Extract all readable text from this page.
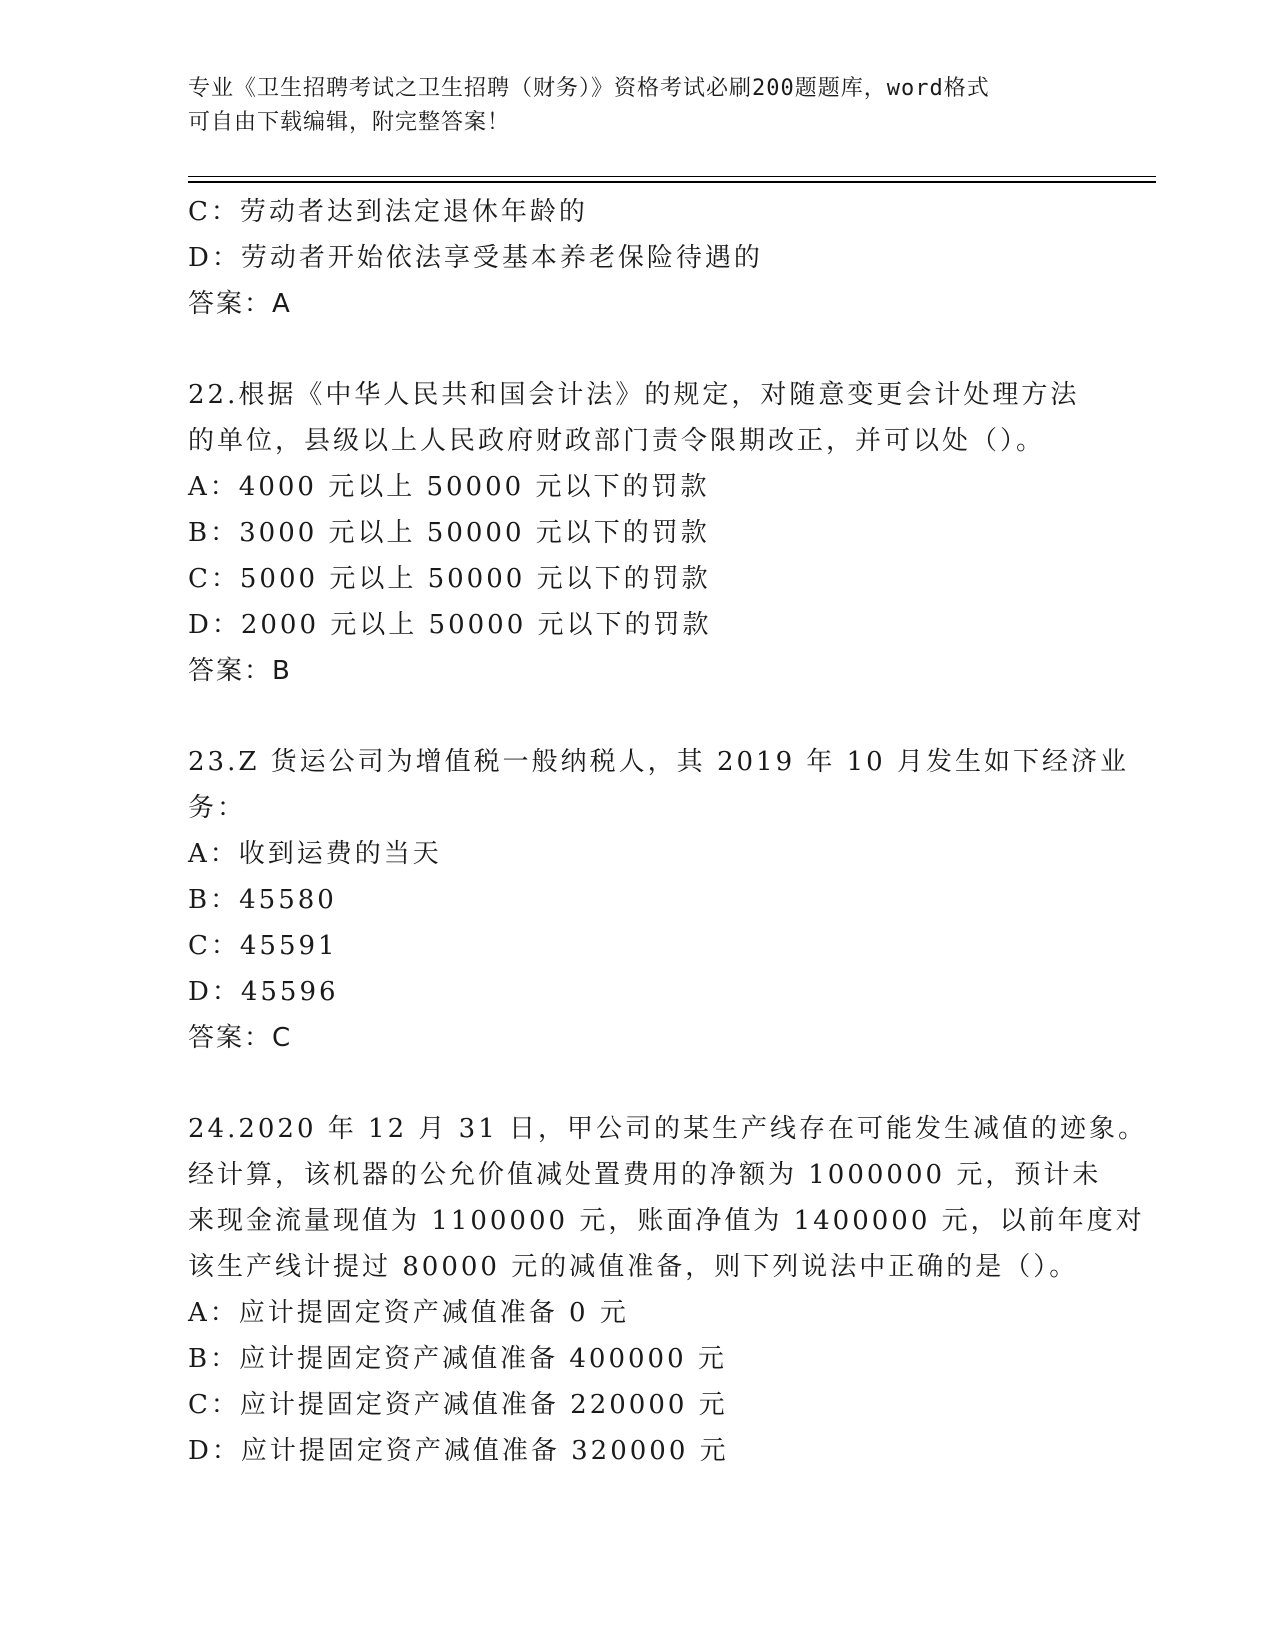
专业《卫生招聘考试之卫生招聘（财务）》资格考试必刷200题题库，word格式
可自由下载编辑，附完整答案！
C：劳动者达到法定退休年龄的
D：劳动者开始依法享受基本养老保险待遇的
答案：A
22.根据《中华人民共和国会计法》的规定，对随意变更会计处理方法
的单位，县级以上人民政府财政部门责令限期改正，并可以处（）。
A：4000 元以上 50000 元以下的罚款
B：3000 元以上 50000 元以下的罚款
C：5000 元以上 50000 元以下的罚款
D：2000 元以上 50000 元以下的罚款
答案：B
23.Z 货运公司为增值税一般纳税人，其 2019 年 10 月发生如下经济业
务：
A：收到运费的当天
B：45580
C：45591
D：45596
答案：C
24.2020 年 12 月 31 日，甲公司的某生产线存在可能发生减值的迹象。
经计算，该机器的公允价值减处置费用的净额为 1000000 元，预计未
来现金流量现值为 1100000 元，账面净值为 1400000 元，以前年度对
该生产线计提过 80000 元的减值准备，则下列说法中正确的是（）。
A：应计提固定资产减值准备 0 元
B：应计提固定资产减值准备 400000 元
C：应计提固定资产减值准备 220000 元
D：应计提固定资产减值准备 320000 元
